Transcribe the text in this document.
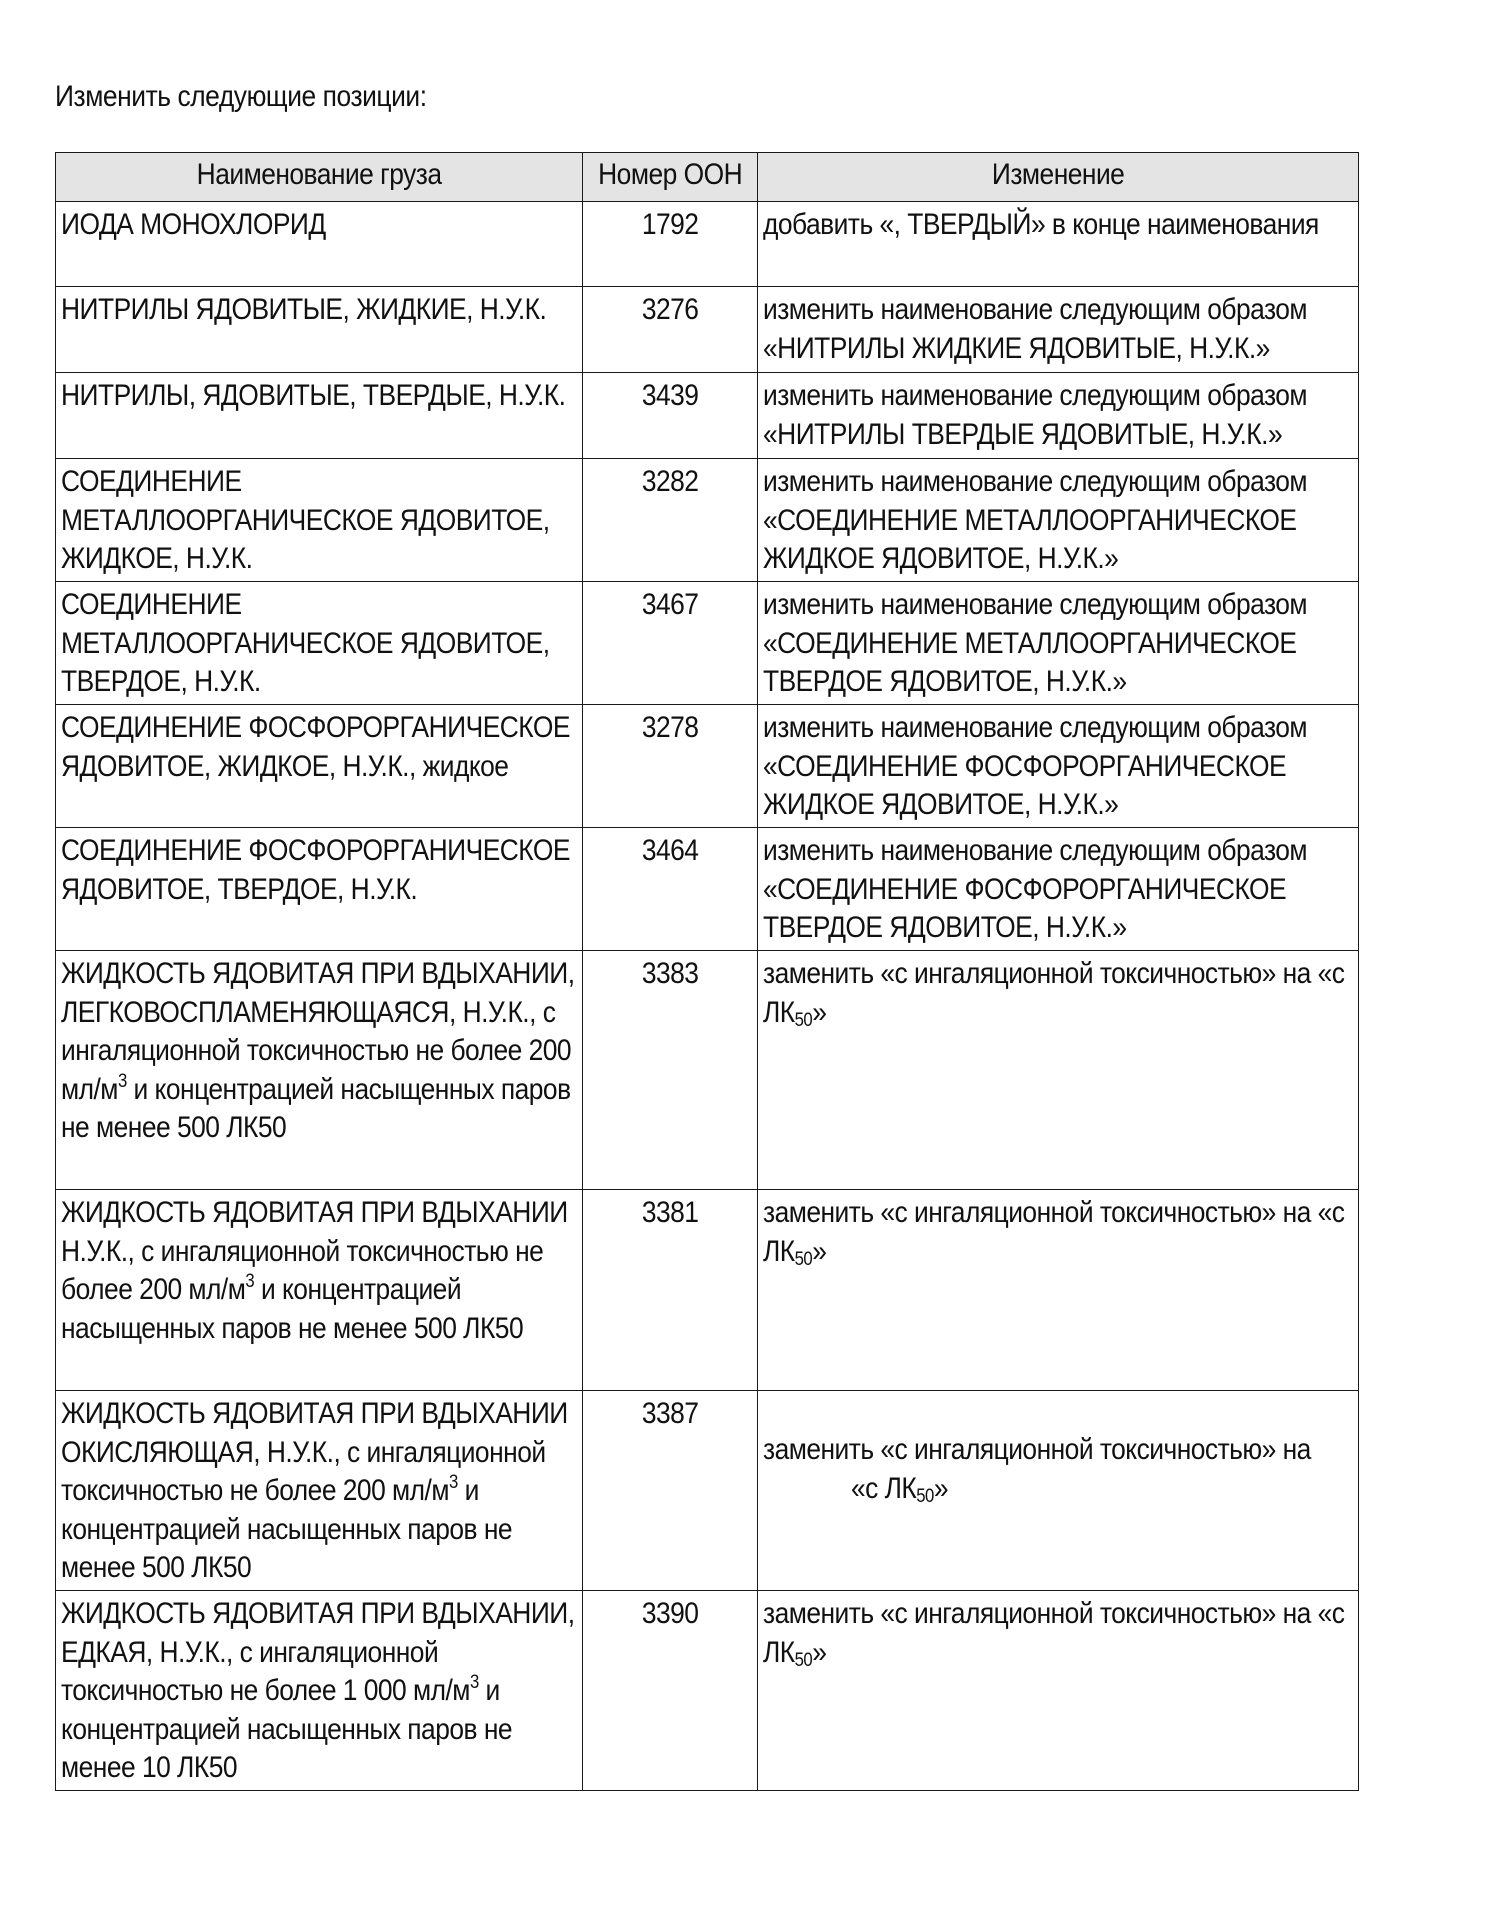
Изменить следующие позиции:
Наименование груза	Номер ООН	Изменение
ИОДА МОНОХЛОРИД	1792	добавить «, ТВЕРДЫЙ» в конце наименования
НИТРИЛЫ ЯДОВИТЫЕ, ЖИДКИЕ, Н.У.К.	3276	изменить наименование следующим образом «НИТРИЛЫ ЖИДКИЕ ЯДОВИТЫЕ, Н.У.К.»
НИТРИЛЫ, ЯДОВИТЫЕ, ТВЕРДЫЕ, Н.У.К.	3439	изменить наименование следующим образом «НИТРИЛЫ ТВЕРДЫЕ ЯДОВИТЫЕ, Н.У.К.»
СОЕДИНЕНИЕ МЕТАЛЛООРГАНИЧЕСКОЕ ЯДОВИТОЕ, ЖИДКОЕ, Н.У.К.	3282	изменить наименование следующим образом «СОЕДИНЕНИЕ МЕТАЛЛООРГАНИЧЕСКОЕ ЖИДКОЕ ЯДОВИТОЕ, Н.У.К.»
СОЕДИНЕНИЕ МЕТАЛЛООРГАНИЧЕСКОЕ ЯДОВИТОЕ, ТВЕРДОЕ, Н.У.К.	3467	изменить наименование следующим образом «СОЕДИНЕНИЕ МЕТАЛЛООРГАНИЧЕСКОЕ ТВЕРДОЕ ЯДОВИТОЕ, Н.У.К.»
СОЕДИНЕНИЕ ФОСФОРОРГАНИЧЕСКОЕ ЯДОВИТОЕ, ЖИДКОЕ, Н.У.К., жидкое	3278	изменить наименование следующим образом «СОЕДИНЕНИЕ ФОСФОРОРГАНИЧЕСКОЕ ЖИДКОЕ ЯДОВИТОЕ, Н.У.К.»
СОЕДИНЕНИЕ ФОСФОРОРГАНИЧЕСКОЕ ЯДОВИТОЕ, ТВЕРДОЕ, Н.У.К.	3464	изменить наименование следующим образом «СОЕДИНЕНИЕ ФОСФОРОРГАНИЧЕСКОЕ ТВЕРДОЕ ЯДОВИТОЕ, Н.У.К.»
ЖИДКОСТЬ ЯДОВИТАЯ ПРИ ВДЫХАНИИ, ЛЕГКОВОСПЛАМЕНЯЮЩАЯСЯ, Н.У.К., с ингаляционной токсичностью не более 200 $мл/м^3$ и концентрацией насыщенных паров не менее 500 ЛК50	3383	заменить «с ингаляционной токсичностью» на «с $ЛК_{50}$»
ЖИДКОСТЬ ЯДОВИТАЯ ПРИ ВДЫХАНИИ Н.У.К., с ингаляционной токсичностью не более 200 $мл/м^3$ и концентрацией насыщенных паров не менее 500 ЛК50	3381	заменить «с ингаляционной токсичностью» на «с $ЛК_{50}$»
ЖИДКОСТЬ ЯДОВИТАЯ ПРИ ВДЫХАНИИ ОКИСЛЯЮЩАЯ, Н.У.К., с ингаляционной токсичностью не более 200 $мл/м^3$ и концентрацией насыщенных паров не менее 500 ЛК50	3387	заменить «с ингаляционной токсичностью» на
«с $ЛК_{50}$»
ЖИДКОСТЬ ЯДОВИТАЯ ПРИ ВДЫХАНИИ, ЕДКАЯ, Н.У.К., с ингаляционной токсичностью не более 1 000 $мл/м^3$ и концентрацией насыщенных паров не менее 10 ЛК50	3390	заменить «с ингаляционной токсичностью» на «с $ЛК_{50}$»
